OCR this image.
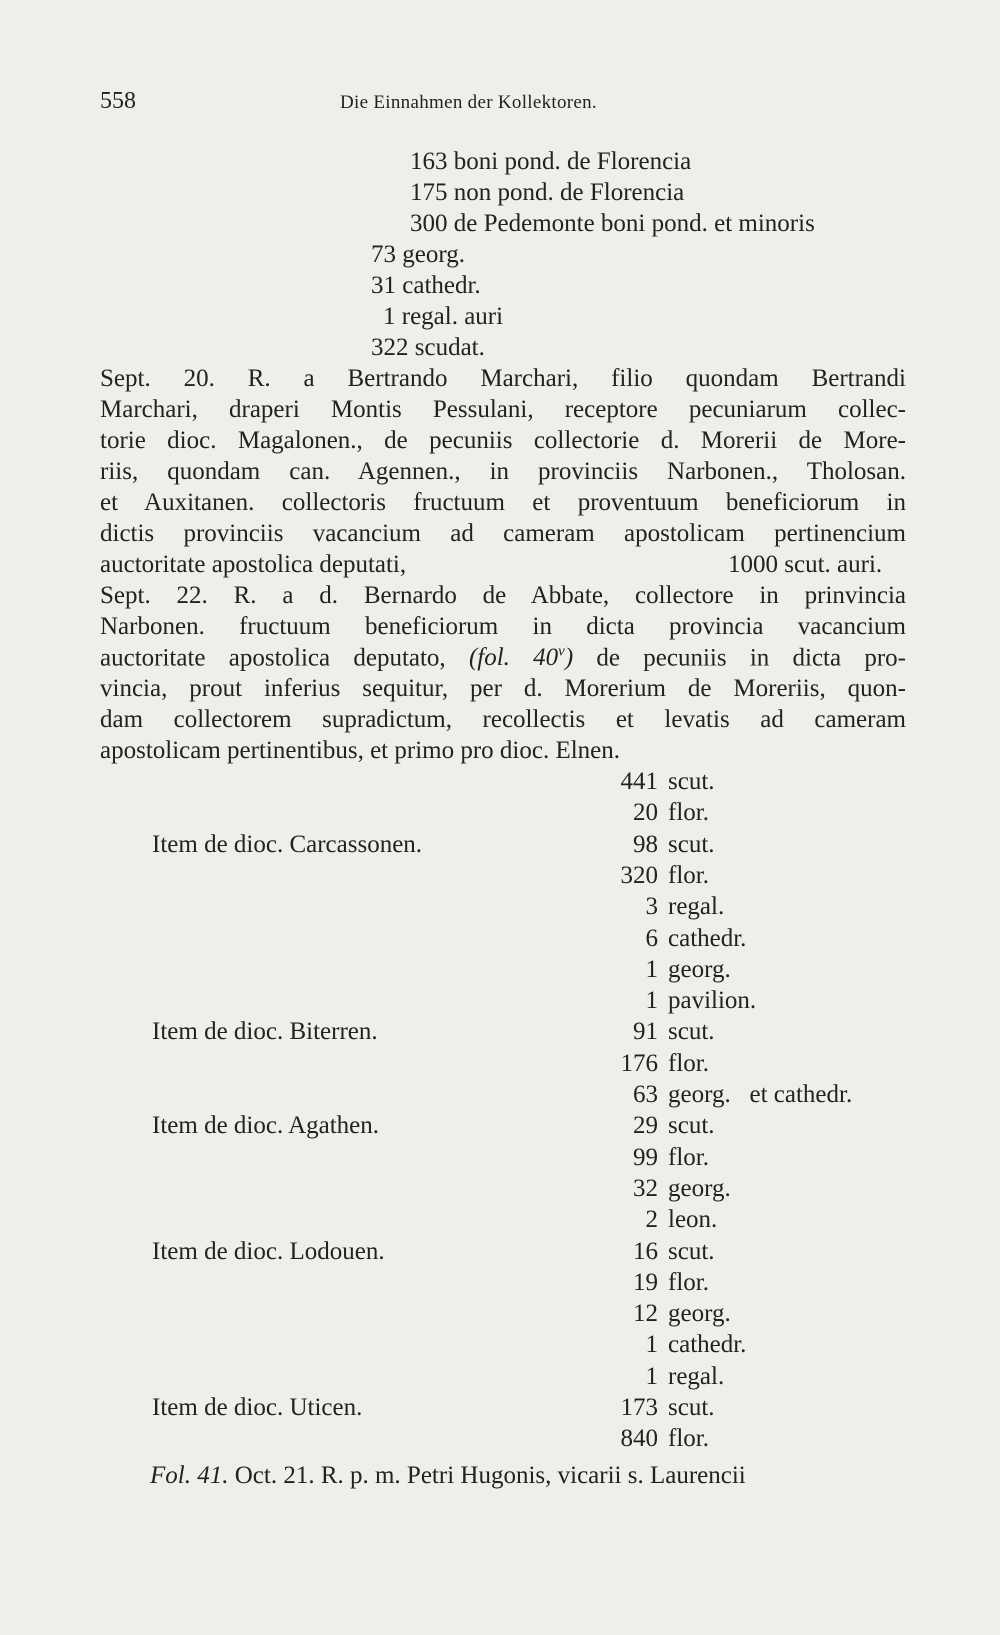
558	Die Einnahmen der Kollektoren.
163 boni pond. de Florencia
175 non pond. de Florencia
300 de Pedemonte boni pond. et minoris
73 georg.
31 cathedr.
1 regal. auri
322 scudat.
Sept. 20. R. a Bertrando Marchari, filio quondam Bertrandi
Marchari, draperi Montis Pessulani, receptore pecuniarum collec-
torie dioc. Magalonen., de pecuniis collectorie d. Morerii de More-
riis, quondam can. Agennen., in provinciis Narbonen., Tholosan.
et Auxitanen. collectoris fructuum et proventuum beneficiorum in
dictis provinciis vacancium ad cameram apostolicam pertinencium
auctoritate apostolica deputati,	1000 scut. auri.
Sept. 22. R. a d. Bernardo de Abbate, collectore in prinvincia
Narbonen. fructuum beneficiorum in dicta provincia vacancium
auctoritate apostolica deputato, (fol. 40$^v$) de pecuniis in dicta pro-
vincia, prout inferius sequitur, per d. Morerium de Moreriis, quon-
dam collectorem supradictum, recollectis et levatis ad cameram
apostolicam pertinentibus, et primo pro dioc. Elnen.
441 scut.
20 flor.
Item de dioc. Carcassonen.	98 scut.
320 flor.
3 regal.
6 cathedr.
1 georg.
1 pavilion.
Item de dioc. Biterren.	91 scut.
176 flor.
63 georg.   et cathedr.
Item de dioc. Agathen.	29 scut.
99 flor.
32 georg.
2 leon.
Item de dioc. Lodouen.	16 scut.
19 flor.
12 georg.
1 cathedr.
1 regal.
Item de dioc. Uticen.	173 scut.
840 flor.
Fol. 41. Oct. 21. R. p. m. Petri Hugonis, vicarii s. Laurencii
